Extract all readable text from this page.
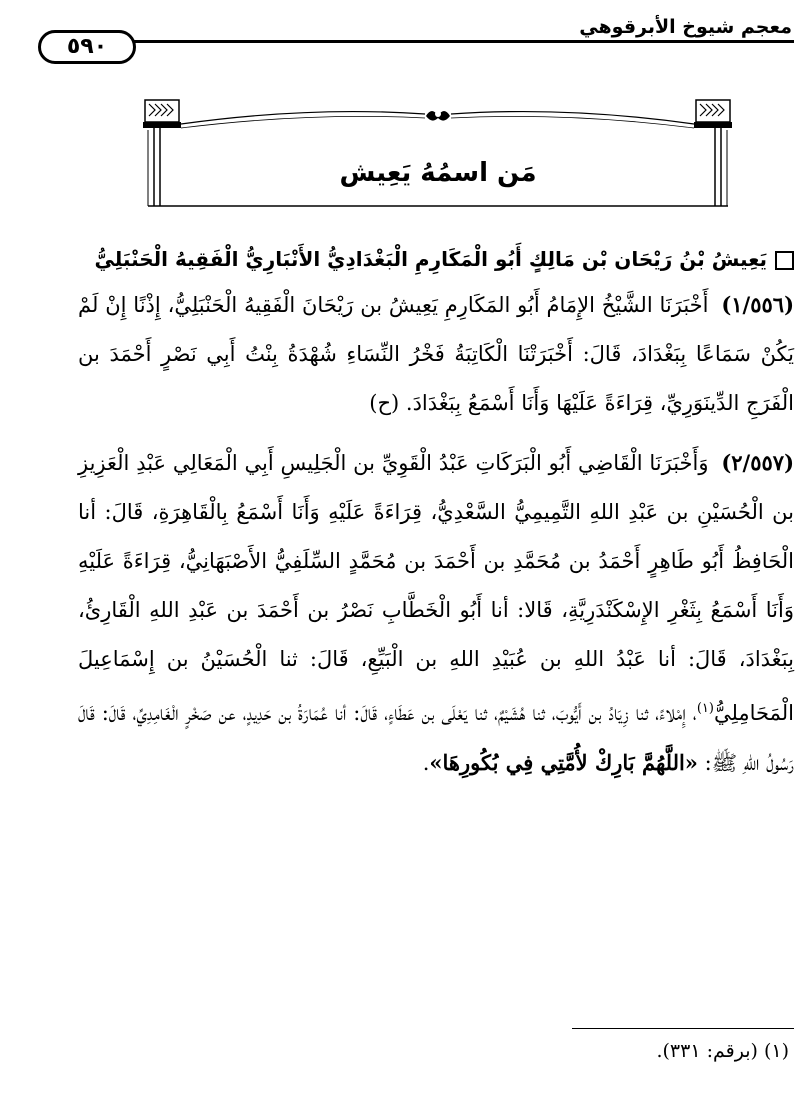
معجم شيوخ الأبرقوهي
٥٩٠
مَن اسمُهُ يَعِيش
يَعِيشُ بْنُ رَيْحَان بْن مَالِكٍ أَبُو الْمَكَارِمِ الْبَغْدَادِيُّ الأَنْبَارِيُّ الْفَقِيهُ الْحَنْبَلِيُّ

(١/٥٥٦) أَخْبَرَنَا الشَّيْخُ الإِمَامُ أَبُو المَكَارِمِ يَعِيشُ بن رَيْحَانَ الْفَقِيهُ الْحَنْبَلِيُّ، إِذْنًا إِنْ لَمْ يَكُنْ سَمَاعًا بِبَغْدَادَ، قَالَ: أَخْبَرَتْنَا الْكَاتِبَةُ فَخْرُ النِّسَاءِ شُهْدَةُ بِنْتُ أَبِي نَصْرٍ أَحْمَدَ بن الْفَرَجِ الدِّينَوَرِيِّ، قِرَاءَةً عَلَيْهَا وَأَنَا أَسْمَعُ بِبَغْدَادَ. (ح)

(٢/٥٥٧) وَأَخْبَرَنَا الْقَاضِي أَبُو الْبَرَكَاتِ عَبْدُ الْقَوِيِّ بن الْجَلِيسِ أَبِي الْمَعَالِي عَبْدِ الْعَزِيزِ بن الْحُسَيْنِ بن عَبْدِ اللهِ التَّمِيمِيُّ السَّعْدِيُّ، قِرَاءَةً عَلَيْهِ وَأَنَا أَسْمَعُ بِالْقَاهِرَةِ، قَالَ: أنا الْحَافِظُ أَبُو طَاهِرٍ أَحْمَدُ بن مُحَمَّدِ بن أَحْمَدَ بن مُحَمَّدٍ السِّلَفِيُّ الأَصْبَهَانِيُّ، قِرَاءَةً عَلَيْهِ وَأَنَا أَسْمَعُ بِثَغْرِ الإِسْكَنْدَرِيَّةِ، قَالا: أنا أَبُو الْخَطَّابِ نَصْرُ بن أَحْمَدَ بن عَبْدِ اللهِ الْقَارِئُ، بِبَغْدَادَ، قَالَ: أنا عَبْدُ اللهِ بن عُبَيْدِ اللهِ بن الْبَيِّعِ، قَالَ: ثنا الْحُسَيْنُ بن إِسْمَاعِيلَ الْمَحَامِلِيُّ$^{(١)}$، إِمْلاءً، ثنا زِيَادُ بن أَيُّوبَ، ثنا هُشَيْمٌ، ثنا يَعْلَى بن عَطَاءٍ، قَالَ: أنا عُمَارَةُ بن حَدِيدٍ، عن صَخْرٍ الْغَامِدِيِّ، قَالَ: قَالَ رَسُولُ اللهِ ﷺ: «اللَّهُمَّ بَارِكْ لأُمَّتِي فِي بُكُورِهَا».

(١) (برقم: ٣٣١).
